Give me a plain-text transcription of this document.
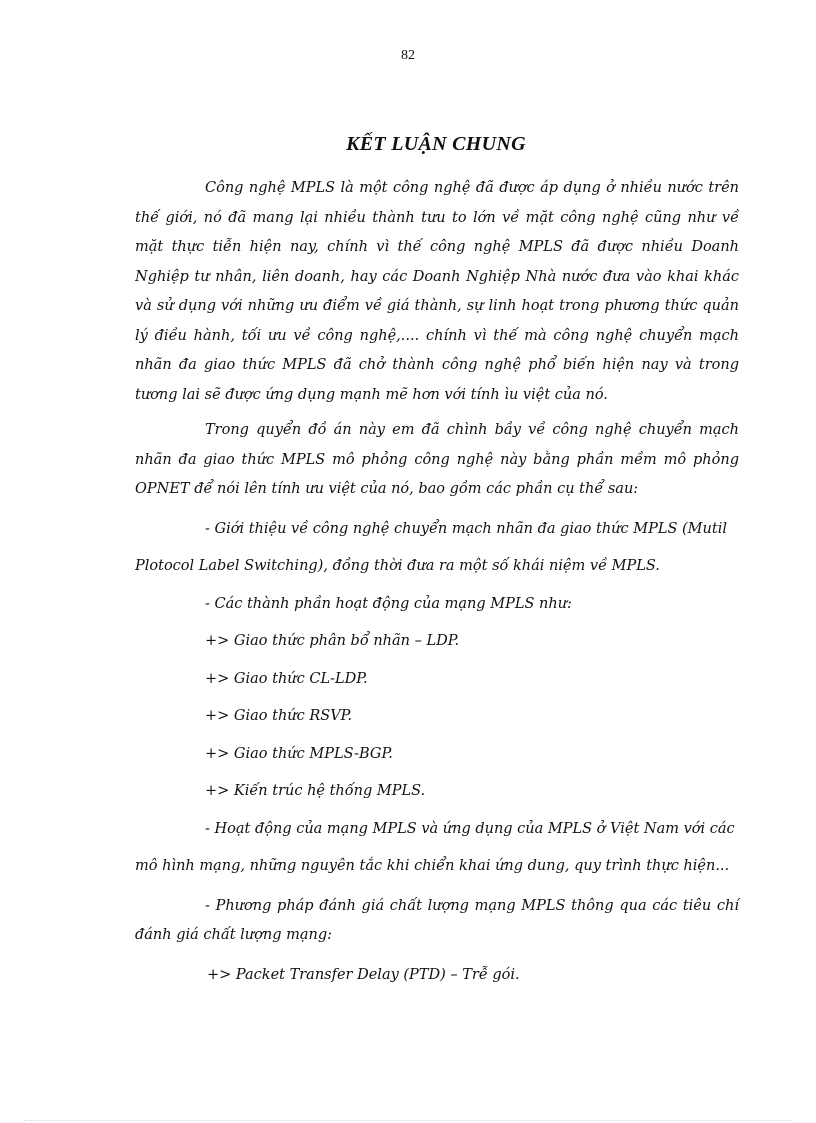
82
KẾT LUẬN CHUNG

Công nghệ MPLS là một công nghệ đã được áp dụng ở nhiều nước trên thế giới, nó đã mang lại nhiều thành tưu to lớn về mặt công nghệ cũng như về mặt thực tiễn hiện nay, chính vì thế công nghệ MPLS đã được nhiều Doanh Nghiệp tư nhân, liên doanh, hay các Doanh Nghiệp Nhà nước đưa vào khai khác và sử dụng với những ưu điểm về giá thành, sự linh hoạt trong phương thức quản lý điều hành, tối ưu về công nghệ,.... chính vì thế mà công nghệ chuyển mạch nhãn đa giao thức MPLS đã chở thành công nghệ phổ biến hiện nay và trong tương lai sẽ được ứng dụng mạnh mẽ hơn với tính ìu việt của nó.

Trong quyển đồ án này em đã chình bầy về công nghệ chuyển mạch nhãn đa giao thức MPLS mô phỏng công nghệ này bằng phần mềm mô phỏng OPNET để nói lên tính ưu việt của nó, bao gồm các phần cụ thể sau:

- Giới thiệu về công nghệ chuyển mạch nhãn đa giao thức MPLS (Mutil

Plotocol Label Switching), đồng thời đưa ra một số khái niệm về MPLS.

- Các thành phần hoạt động của mạng MPLS như:

+> Giao thức phân bổ nhãn – LDP.

+> Giao thức CL-LDP.

+> Giao thức RSVP.

+> Giao thức MPLS-BGP.

+> Kiến trúc hệ thống MPLS.

- Hoạt động của mạng MPLS và ứng dụng của MPLS ở Việt Nam với các

mô hình mạng, những nguyên tắc khi chiển khai ứng dung, quy trình thực hiện...

- Phương pháp đánh giá chất lượng mạng MPLS thông qua các tiêu chí đánh giá chất lượng mạng:

+> Packet Transfer Delay (PTD) – Trễ gói.
